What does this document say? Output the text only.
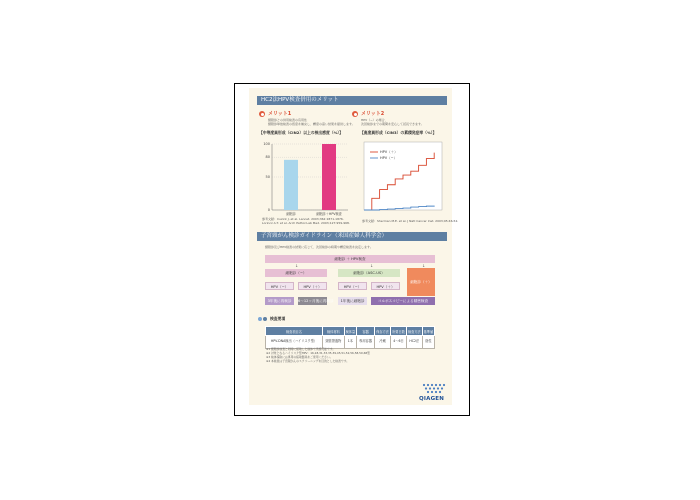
HC2法HPV検査併用のメリット
メリット1
細胞診との併用検査の有用性
細胞診単独検査の感度を補完し、精度の高い結果を提供します。
【中等度異形成（CIN2）以上の検出感度（%）】
0
50
80
100
細胞診	細胞診＋HPV検査
参考文献：Cuzick J. et al. Lancet. 2003;362:1871-1876.
Lorincz A.T. et al. Arch Pathol Lab Med. 2003;127:959-968.
メリット2
HPV（−）の場合、
次回検診までの期間を安心して延長できます。
【高度異形成（CIN3）の累積発症率（%）】
HPV（＋）
HPV（−）
参考文献：Sherman M.E. et al. J Natl Cancer Inst. 2003;95:46-52.
子宮頸がん検診ガイドライン（米国産婦人科学会）
細胞診及びHPV検査の結果に応じて、次回検診の時期や精密検査を決定します。
細胞診 ＋ HPV検査
↓	↓	↓
細胞診（−）	細胞診（ASC-US）
細胞診（＋）
HPV（−）	HPV（＋）	HPV（−）	HPV（＋）
3年後に再検診	6〜12ヶ月後に再検診	1年後に細胞診	コルポスコピーによる精密検査
検査要項
検査項目名	検体材料	検体量	容器	保存方法	所要日数	検査方法	基準値
HPV-DNA検出（ハイリスク型）	頸管擦過物	1本	専用容器	冷蔵	4〜6日	HC2法	陰性
※1 細胞診検査と同時に採取した検体で実施可能です。
※2 対象となるハイリスク型HPV：16,18,31,33,35,39,45,51,52,56,58,59,68型
※3 検体採取には専用の採取器具をご使用ください。
※4 本検査は子宮頸がんのスクリーニングを目的とした検査です。
QIAGEN
